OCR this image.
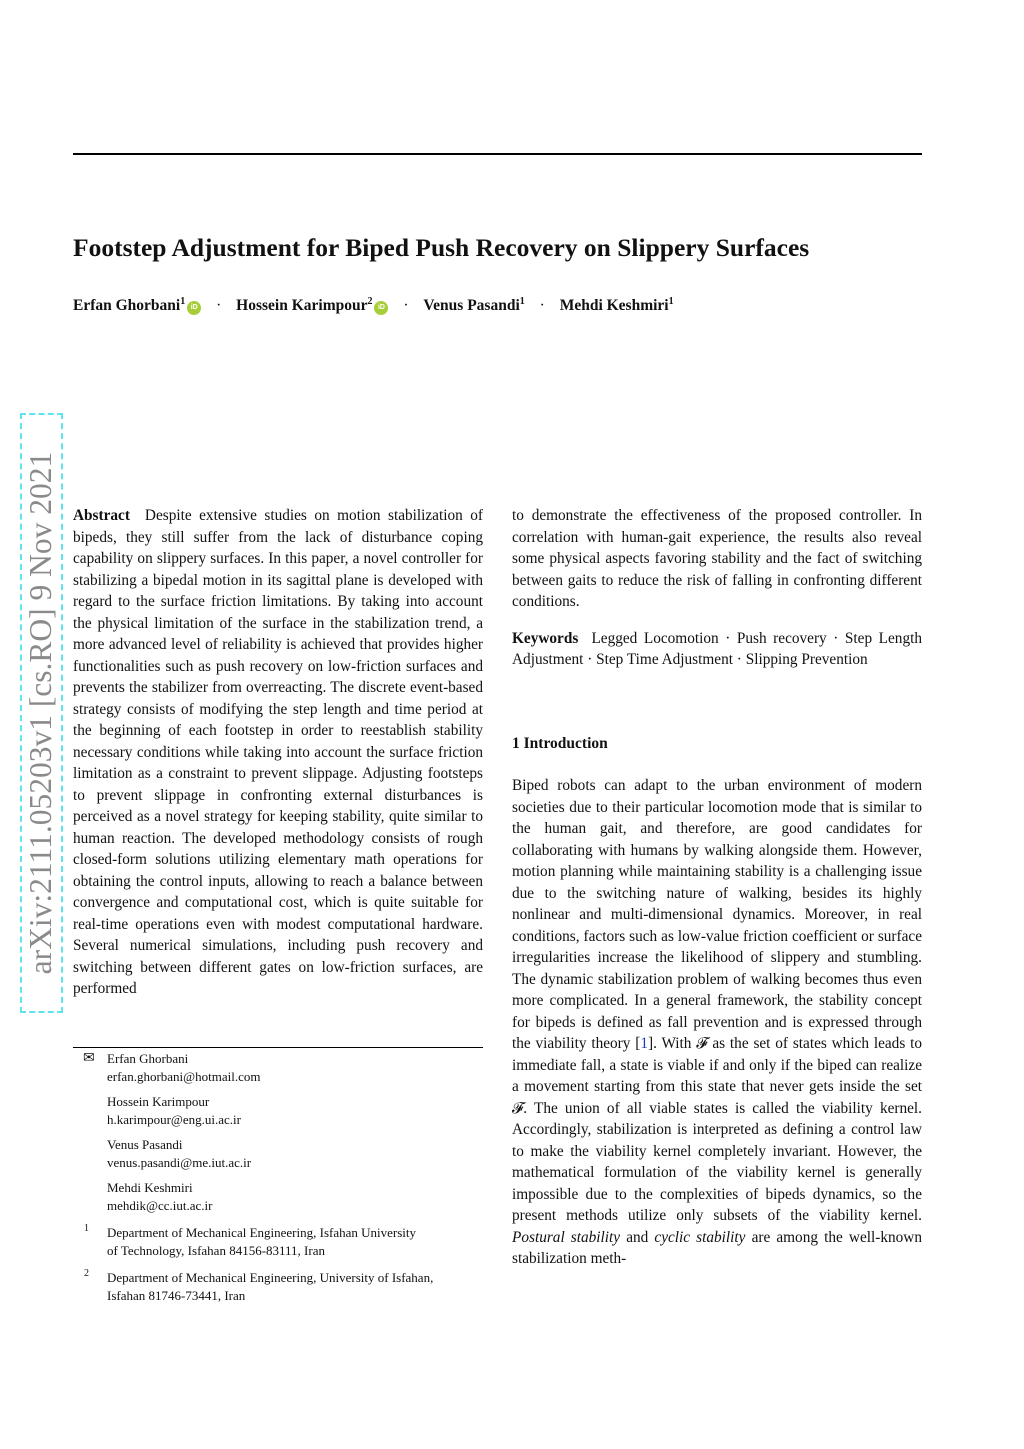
Footstep Adjustment for Biped Push Recovery on Slippery Surfaces
Erfan Ghorbani$^1$iD · Hossein Karimpour$^2$iD · Venus Pasandi$^1$ · Mehdi Keshmiri$^1$
arXiv:2111.05203v1 [cs.RO] 9 Nov 2021 Abstract Despite extensive studies on motion stabilization of bipeds, they still suffer from the lack of disturbance coping capability on slippery surfaces. In this paper, a novel controller for stabilizing a bipedal motion in its sagittal plane is developed with regard to the surface friction limitations. By taking into account the physical limitation of the surface in the stabilization trend, a more advanced level of reliability is achieved that provides higher functionalities such as push recovery on low-friction surfaces and prevents the stabilizer from overreacting. The discrete event-based strategy consists of modifying the step length and time period at the beginning of each footstep in order to reestablish stability necessary conditions while taking into account the surface friction limitation as a constraint to prevent slippage. Adjusting footsteps to prevent slippage in confronting external disturbances is perceived as a novel strategy for keeping stability, quite similar to human reaction. The developed methodology consists of rough closed-form solutions utilizing elementary math operations for obtaining the control inputs, allowing to reach a balance between convergence and computational cost, which is quite suitable for real-time operations even with modest computational hardware. Several numerical simulations, including push recovery and switching between different gates on low-friction surfaces, are performed

✉ Erfan Ghorbani
erfan.ghorbani@hotmail.com
Hossein Karimpour
h.karimpour@eng.ui.ac.ir
Venus Pasandi
venus.pasandi@me.iut.ac.ir
Mehdi Keshmiri
mehdik@cc.iut.ac.ir
1 Department of Mechanical Engineering, Isfahan University
of Technology, Isfahan 84156-83111, Iran
2 Department of Mechanical Engineering, University of Isfahan,
Isfahan 81746-73441, Iran

to demonstrate the effectiveness of the proposed controller. In correlation with human-gait experience, the results also reveal some physical aspects favoring stability and the fact of switching between gaits to reduce the risk of falling in confronting different conditions.

Keywords Legged Locomotion · Push recovery · Step Length Adjustment · Step Time Adjustment · Slipping Prevention

1 Introduction

Biped robots can adapt to the urban environment of modern societies due to their particular locomotion mode that is similar to the human gait, and therefore, are good candidates for collaborating with humans by walking alongside them. However, motion planning while maintaining stability is a challenging issue due to the switching nature of walking, besides its highly nonlinear and multi-dimensional dynamics. Moreover, in real conditions, factors such as low-value friction coefficient or surface irregularities increase the likelihood of slippery and stumbling. The dynamic stabilization problem of walking becomes thus even more complicated. In a general framework, the stability concept for bipeds is defined as fall prevention and is expressed through the viability theory [1]. With 𝓕 as the set of states which leads to immediate fall, a state is viable if and only if the biped can realize a movement starting from this state that never gets inside the set 𝓕. The union of all viable states is called the viability kernel. Accordingly, stabilization is interpreted as defining a control law to make the viability kernel completely invariant. However, the mathematical formulation of the viability kernel is generally impossible due to the complexities of bipeds dynamics, so the present methods utilize only subsets of the viability kernel. Postural stability and cyclic stability are among the well-known stabilization meth-
